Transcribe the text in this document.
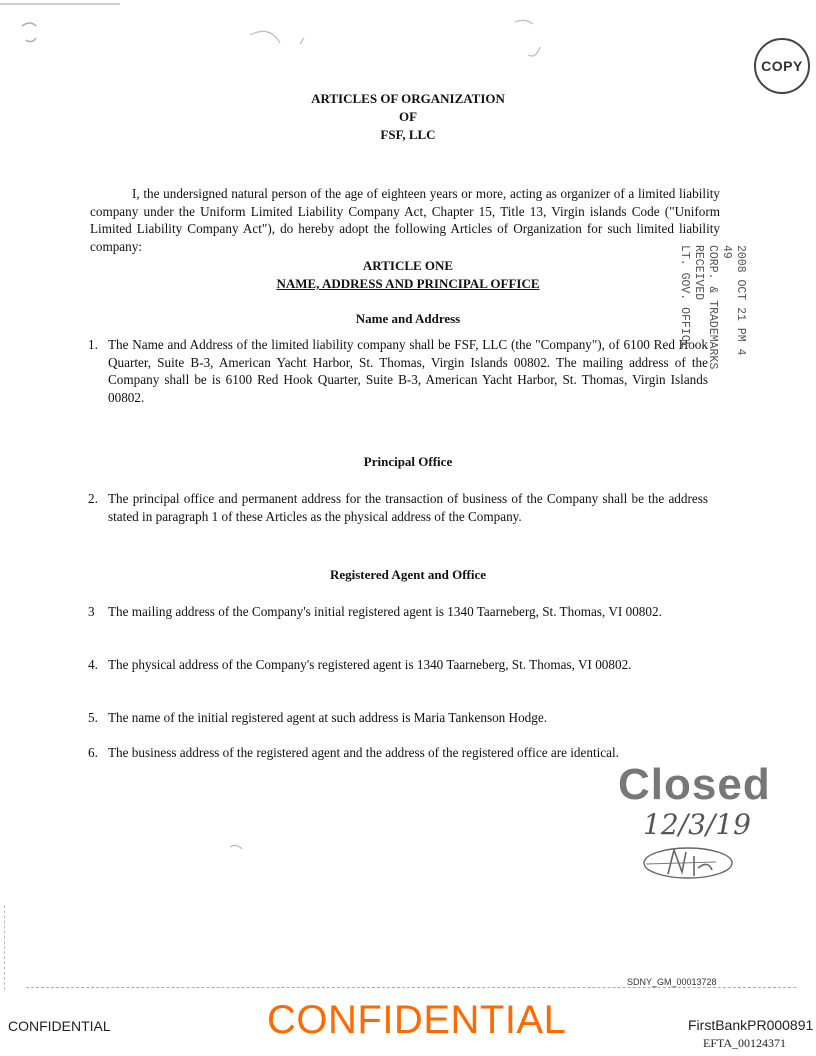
COPY
ARTICLES OF ORGANIZATION
OF
FSF, LLC
I, the undersigned natural person of the age of eighteen years or more, acting as organizer of a limited liability company under the Uniform Limited Liability Company Act, Chapter 15, Title 13, Virgin islands Code ("Uniform Limited Liability Company Act"), do hereby adopt the following Articles of Organization for such limited liability company:
ARTICLE ONE
NAME, ADDRESS AND PRINCIPAL OFFICE
Name and Address
1. The Name and Address of the limited liability company shall be FSF, LLC (the "Company"), of 6100 Red Hook Quarter, Suite B-3, American Yacht Harbor, St. Thomas, Virgin Islands 00802. The mailing address of the Company shall be is 6100 Red Hook Quarter, Suite B-3, American Yacht Harbor, St. Thomas, Virgin Islands 00802.
2008 OCT 21 PM 4 49
CORP. & TRADEMARKS
RECEIVED
LT. GOV. OFFICE
Principal Office
2. The principal office and permanent address for the transaction of business of the Company shall be the address stated in paragraph 1 of these Articles as the physical address of the Company.
Registered Agent and Office
3	The mailing address of the Company's initial registered agent is 1340 Taarneberg, St. Thomas, VI 00802.
4. The physical address of the Company's registered agent is 1340 Taarneberg, St. Thomas, VI 00802.
5. The name of the initial registered agent at such address is Maria Tankenson Hodge.
6. The business address of the registered agent and the address of the registered office are identical.
Closed
12/3/19
SDNY_GM_00013728
CONFIDENTIAL
CONFIDENTIAL	FirstBankPR000891
EFTA_00124371
